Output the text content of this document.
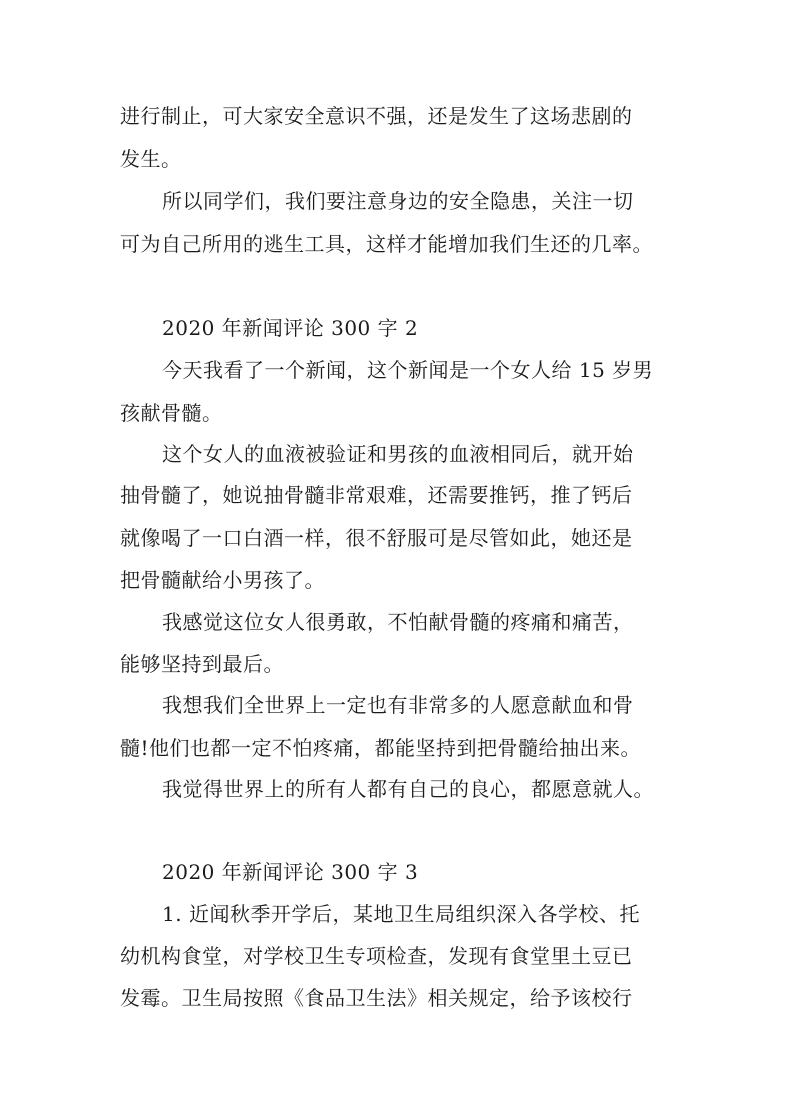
进行制止，可大家安全意识不强，还是发生了这场悲剧的

发生。

所以同学们，我们要注意身边的安全隐患，关注一切

可为自己所用的逃生工具，这样才能增加我们生还的几率。

2020 年新闻评论 300 字 2

今天我看了一个新闻，这个新闻是一个女人给 15 岁男

孩献骨髓。

这个女人的血液被验证和男孩的血液相同后，就开始

抽骨髓了，她说抽骨髓非常艰难，还需要推钙，推了钙后

就像喝了一口白酒一样，很不舒服可是尽管如此，她还是

把骨髓献给小男孩了。

我感觉这位女人很勇敢，不怕献骨髓的疼痛和痛苦，

能够坚持到最后。

我想我们全世界上一定也有非常多的人愿意献血和骨

髓!他们也都一定不怕疼痛，都能坚持到把骨髓给抽出来。

我觉得世界上的所有人都有自己的良心，都愿意就人。

2020 年新闻评论 300 字 3

1. 近闻秋季开学后，某地卫生局组织深入各学校、托

幼机构食堂，对学校卫生专项检查，发现有食堂里土豆已

发霉。卫生局按照《食品卫生法》相关规定，给予该校行
